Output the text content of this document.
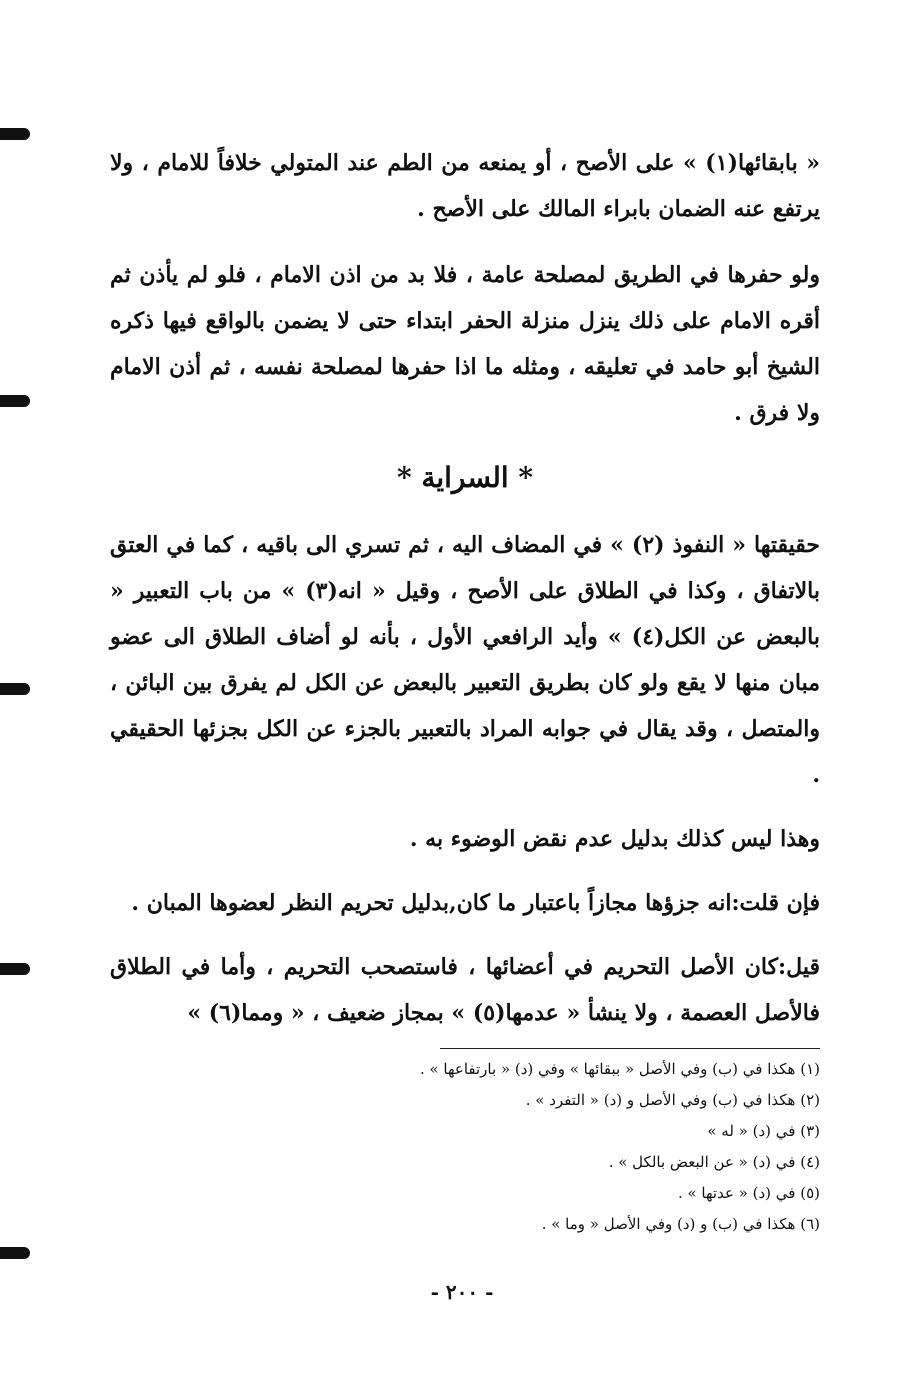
« بابقائها(١) » على الأصح ، أو يمنعه من الطم عند المتولي خلافاً للامام ، ولا يرتفع عنه الضمان بابراء المالك على الأصح .

ولو حفرها في الطريق لمصلحة عامة ، فلا بد من اذن الامام ، فلو لم يأذن ثم أقره الامام على ذلك ينزل منزلة الحفر ابتداء حتى لا يضمن بالواقع فيها ذكره الشيخ أبو حامد في تعليقه ، ومثله ما اذا حفرها لمصلحة نفسه ، ثم أذن الامام ولا فرق .

* السراية *

حقيقتها « النفوذ (٢) » في المضاف اليه ، ثم تسري الى باقيه ، كما في العتق بالاتفاق ، وكذا في الطلاق على الأصح ، وقيل « انه(٣) » من باب التعبير « بالبعض عن الكل(٤) » وأيد الرافعي الأول ، بأنه لو أضاف الطلاق الى عضو مبان منها لا يقع ولو كان بطريق التعبير بالبعض عن الكل لم يفرق بين البائن ، والمتصل ، وقد يقال في جوابه المراد بالتعبير بالجزء عن الكل بجزئها الحقيقي .

وهذا ليس كذلك بدليل عدم نقض الوضوء به .

فإن قلت:انه جزؤها مجازاً باعتبار ما كان,بدليل تحريم النظر لعضوها المبان .

قيل:كان الأصل التحريم في أعضائها ، فاستصحب التحريم ، وأما في الطلاق فالأصل العصمة ، ولا ينشأ « عدمها(٥) » بمجاز ضعيف ، « ومما(٦) »

(١) هكذا في (ب) وفي الأصل « ببقائها » وفي (د) « بارتفاعها » .
(٢) هكذا في (ب) وفي الأصل و (د) « التفرد » .
(٣) في (د) « له »
(٤) في (د) « عن البعض بالكل » .
(٥) في (د) « عدتها » .
(٦) هكذا في (ب) و (د) وفي الأصل « وما » .
- ٢٠٠ -
